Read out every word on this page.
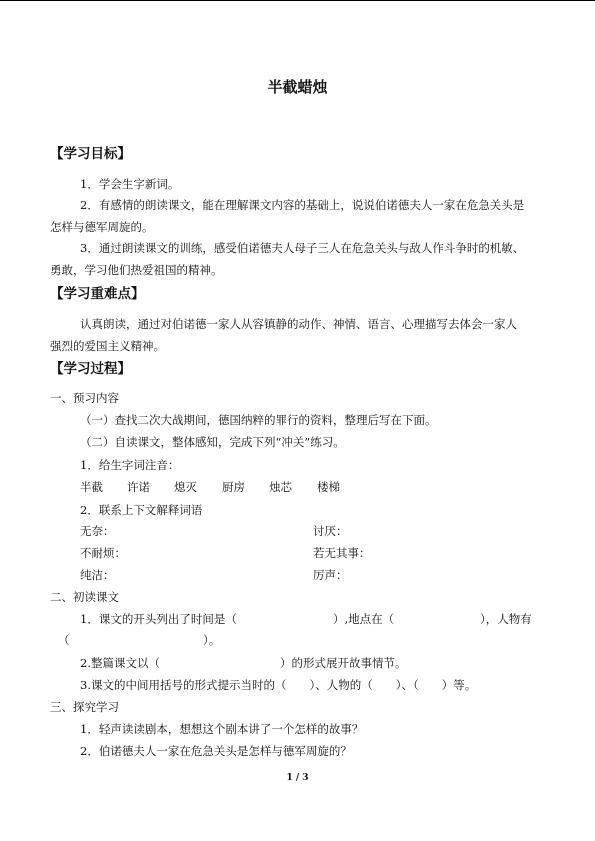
半截蜡烛
【学习目标】
1．学会生字新词。
2．有感情的朗读课文，能在理解课文内容的基础上，说说伯诺德夫人一家在危急关头是
怎样与德军周旋的。
3．通过朗读课文的训练，感受伯诺德夫人母子三人在危急关头与敌人作斗争时的机敏、
勇敢，学习他们热爱祖国的精神。
【学习重难点】
认真朗读，通过对伯诺德一家人从容镇静的动作、神情、语言、心理描写去体会一家人
强烈的爱国主义精神。
【学习过程】
一、预习内容
（一）查找二次大战期间，德国纳粹的罪行的资料，整理后写在下面。
（二）自读课文，整体感知，完成下列“冲关”练习。
1．给生字词注音：
半截 许诺 熄灭 厨房 烛芯 楼梯
2．联系上下文解释词语
无奈：	讨厌：
不耐烦：	若无其事：
纯洁：	厉声：
二、初读课文
1．课文的开头列出了时间是（	）,地点在（	），人物有
（	）。
2.整篇课文以（	）的形式展开故事情节。
3.课文的中间用括号的形式提示当时的（　　）、人物的（　　）、（　　）等。
三、探究学习
1．轻声读读剧本，想想这个剧本讲了一个怎样的故事？
2．伯诺德夫人一家在危急关头是怎样与德军周旋的？
1 / 3
